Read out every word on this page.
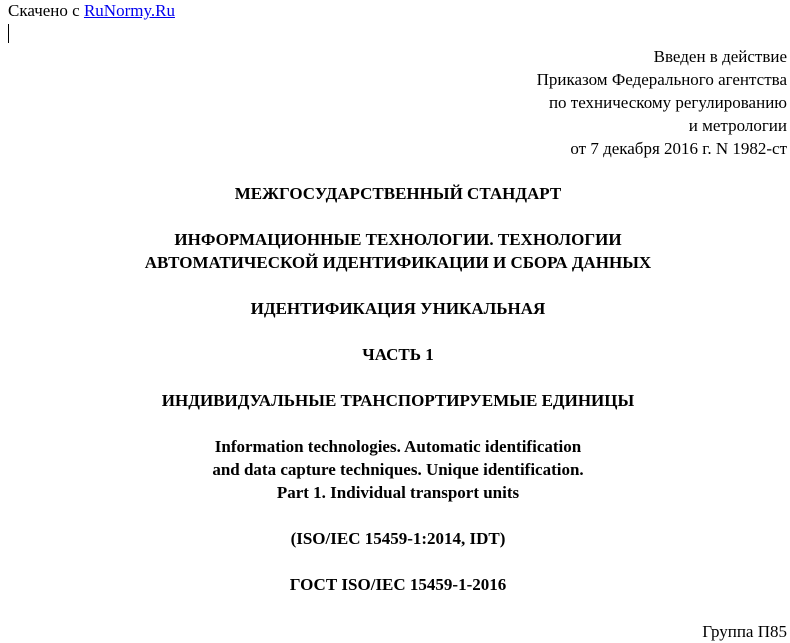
Скачено с RuNormy.Ru
Введен в действие
Приказом Федерального агентства
по техническому регулированию
и метрологии
от 7 декабря 2016 г. N 1982-ст
МЕЖГОСУДАРСТВЕННЫЙ СТАНДАРТ
ИНФОРМАЦИОННЫЕ ТЕХНОЛОГИИ. ТЕХНОЛОГИИ
АВТОМАТИЧЕСКОЙ ИДЕНТИФИКАЦИИ И СБОРА ДАННЫХ
ИДЕНТИФИКАЦИЯ УНИКАЛЬНАЯ
ЧАСТЬ 1
ИНДИВИДУАЛЬНЫЕ ТРАНСПОРТИРУЕМЫЕ ЕДИНИЦЫ
Information technologies. Automatic identification
and data capture techniques. Unique identification.
Part 1. Individual transport units
(ISO/IEC 15459-1:2014, IDT)
ГОСТ ISO/IEC 15459-1-2016
Группа П85
